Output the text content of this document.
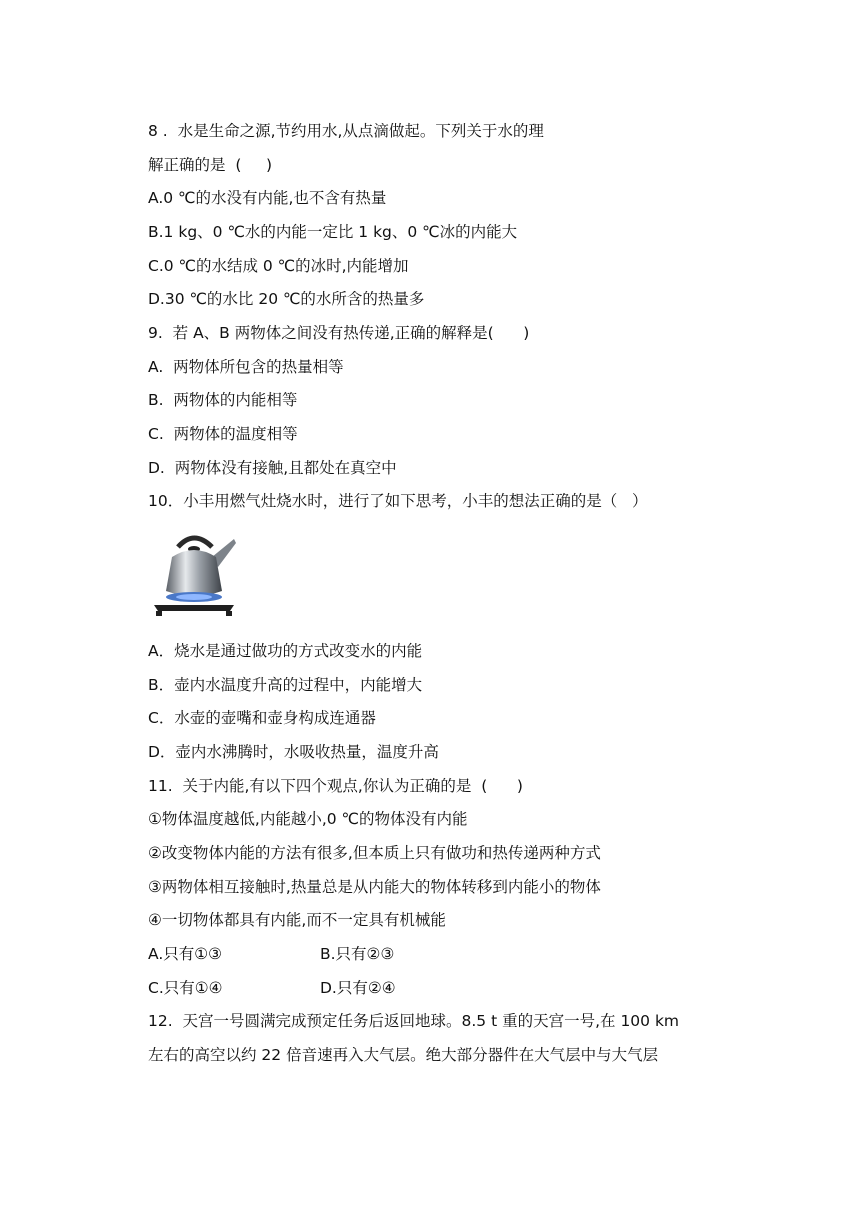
8 .  水是生命之源,节约用水,从点滴做起。下列关于水的理
解正确的是  (     )
A.0 ℃的水没有内能,也不含有热量
B.1 kg、0 ℃水的内能一定比 1 kg、0 ℃冰的内能大
C.0 ℃的水结成 0 ℃的冰时,内能增加
D.30 ℃的水比 20 ℃的水所含的热量多
9.  若 A、B 两物体之间没有热传递,正确的解释是(      )
A.  两物体所包含的热量相等
B.  两物体的内能相等
C.  两物体的温度相等
D.  两物体没有接触,且都处在真空中
10．小丰用燃气灶烧水时，进行了如下思考，小丰的想法正确的是（   ）
A．烧水是通过做功的方式改变水的内能
B．壶内水温度升高的过程中，内能增大
C．水壶的壶嘴和壶身构成连通器
D．壶内水沸腾时，水吸收热量，温度升高
11.  关于内能,有以下四个观点,你认为正确的是  (      )
①物体温度越低,内能越小,0 ℃的物体没有内能
②改变物体内能的方法有很多,但本质上只有做功和热传递两种方式
③两物体相互接触时,热量总是从内能大的物体转移到内能小的物体
④一切物体都具有内能,而不一定具有机械能
A.只有①③	B.只有②③
C.只有①④	D.只有②④
12.  天宫一号圆满完成预定任务后返回地球。8.5 t 重的天宫一号,在 100 km
左右的高空以约 22 倍音速再入大气层。绝大部分器件在大气层中与大气层
